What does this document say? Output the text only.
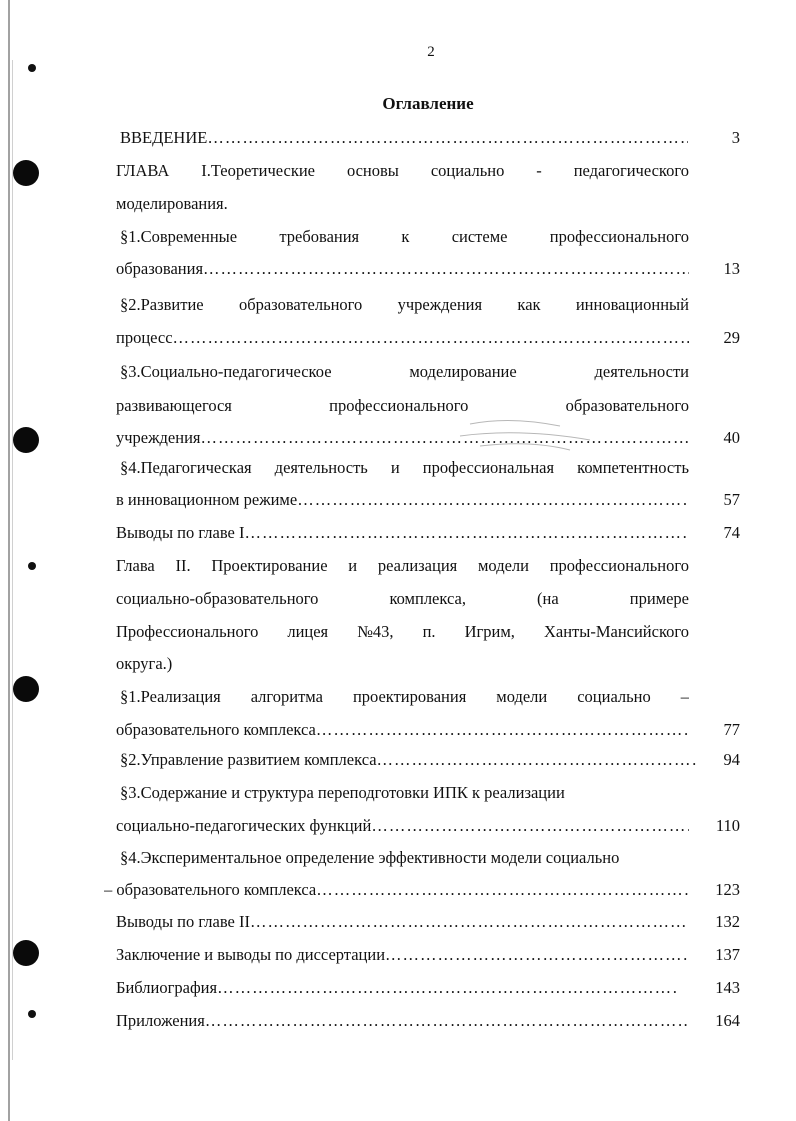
2
Оглавление
ВВЕДЕНИЕ ……………………………………………………………………………………………………………………………………	3
ГЛАВА I.Теоретические основы социально - педагогического
моделирования.
§1.Современные	требования	к	системе	профессионального
образования ……………………………………………………………………………………………………………………………………	13
§2.Развитие образовательного учреждения как инновационный
процесс ……………………………………………………………………………………………………………………………………	29
§3.Социально-педагогическое	моделирование	деятельности
развивающегося	профессионального	образовательного
учреждения ……………………………………………………………………………………………………………………………………	40
§4.Педагогическая деятельность и профессиональная компетентность
в инновационном режиме ……………………………………………………………………………………………………………………………………	57
Выводы по главе I ……………………………………………………………………………………………………………………………………	74
Глава II. Проектирование и реализация модели профессионального
социально-образовательного	комплекса,	(на	примере
Профессионального лицея №43, п. Игрим, Ханты-Мансийского
округа.)
§1.Реализация алгоритма проектирования модели социально –
образовательного комплекса ……………………………………………………………………………………………………………………………………	77
§2.Управление развитием комплекса ……………………………………………………………………………………………………………………………………	94
§3.Содержание и структура переподготовки ИПК к реализации
социально-педагогических функций ……………………………………………………………………………………………………………………………………	110
§4.Экспериментальное определение эффективности модели социально
– образовательного комплекса ……………………………………………………………………………………………………………………………………	123
Выводы по главе II ……………………………………………………………………………………………………………………………………	132
Заключение и выводы по диссертации ……………………………………………………………………………………………………………………………………	137
Библиография ……………………………………………………………………………………………………………………………………	143
Приложения ……………………………………………………………………………………………………………………………………	164
